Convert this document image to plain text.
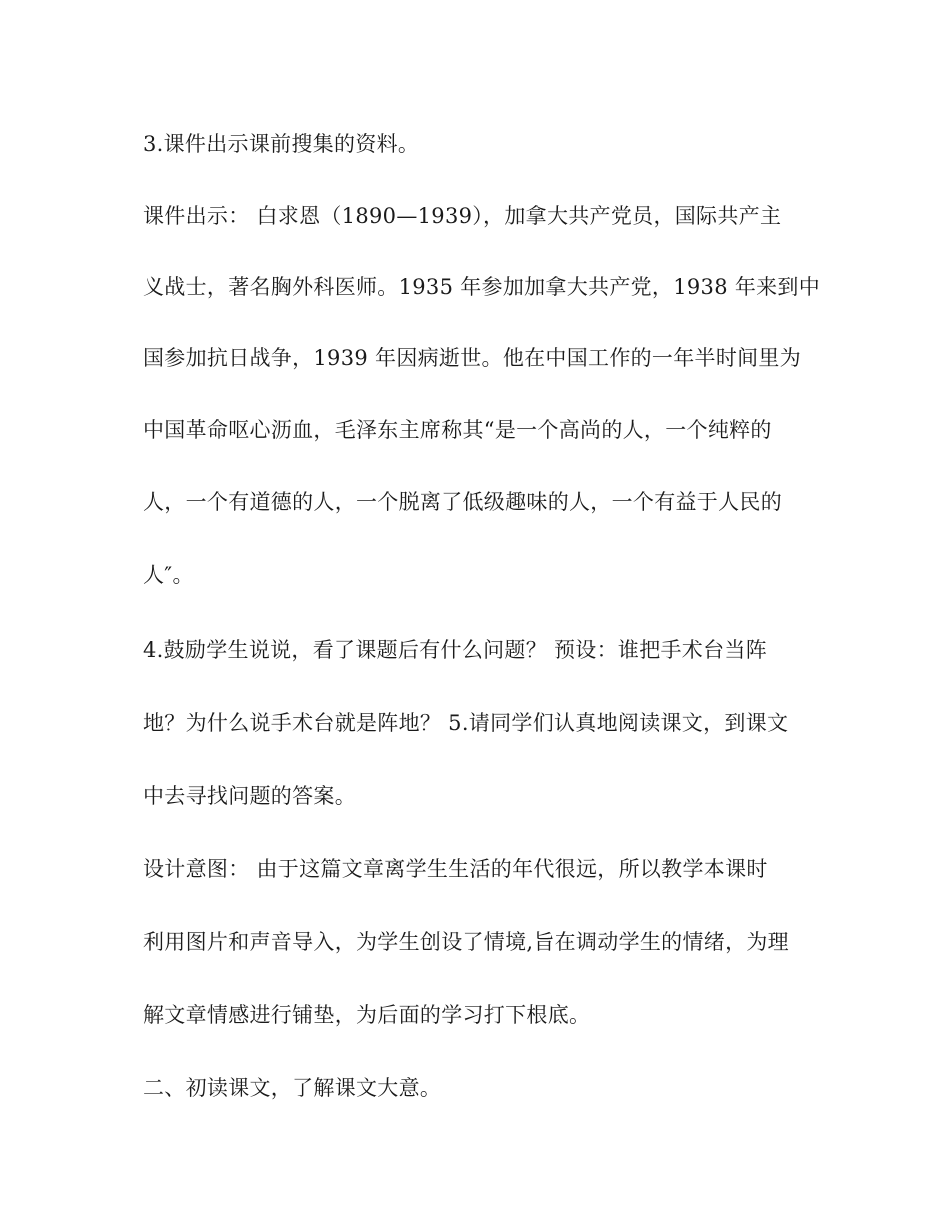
3.课件出示课前搜集的资料。

课件出示： 白求恩（1890—1939），加拿大共产党员，国际共产主

义战士，著名胸外科医师。1935 年参加加拿大共产党，1938 年来到中

国参加抗日战争，1939 年因病逝世。他在中国工作的一年半时间里为

中国革命呕心沥血，毛泽东主席称其“是一个高尚的人，一个纯粹的

人，一个有道德的人，一个脱离了低级趣味的人，一个有益于人民的

人″。

4.鼓励学生说说，看了课题后有什么问题？ 预设：谁把手术台当阵

地？为什么说手术台就是阵地？ 5.请同学们认真地阅读课文，到课文

中去寻找问题的答案。

设计意图： 由于这篇文章离学生生活的年代很远，所以教学本课时

利用图片和声音导入，为学生创设了情境,旨在调动学生的情绪，为理

解文章情感进行铺垫，为后面的学习打下根底。

二、初读课文，了解课文大意。
